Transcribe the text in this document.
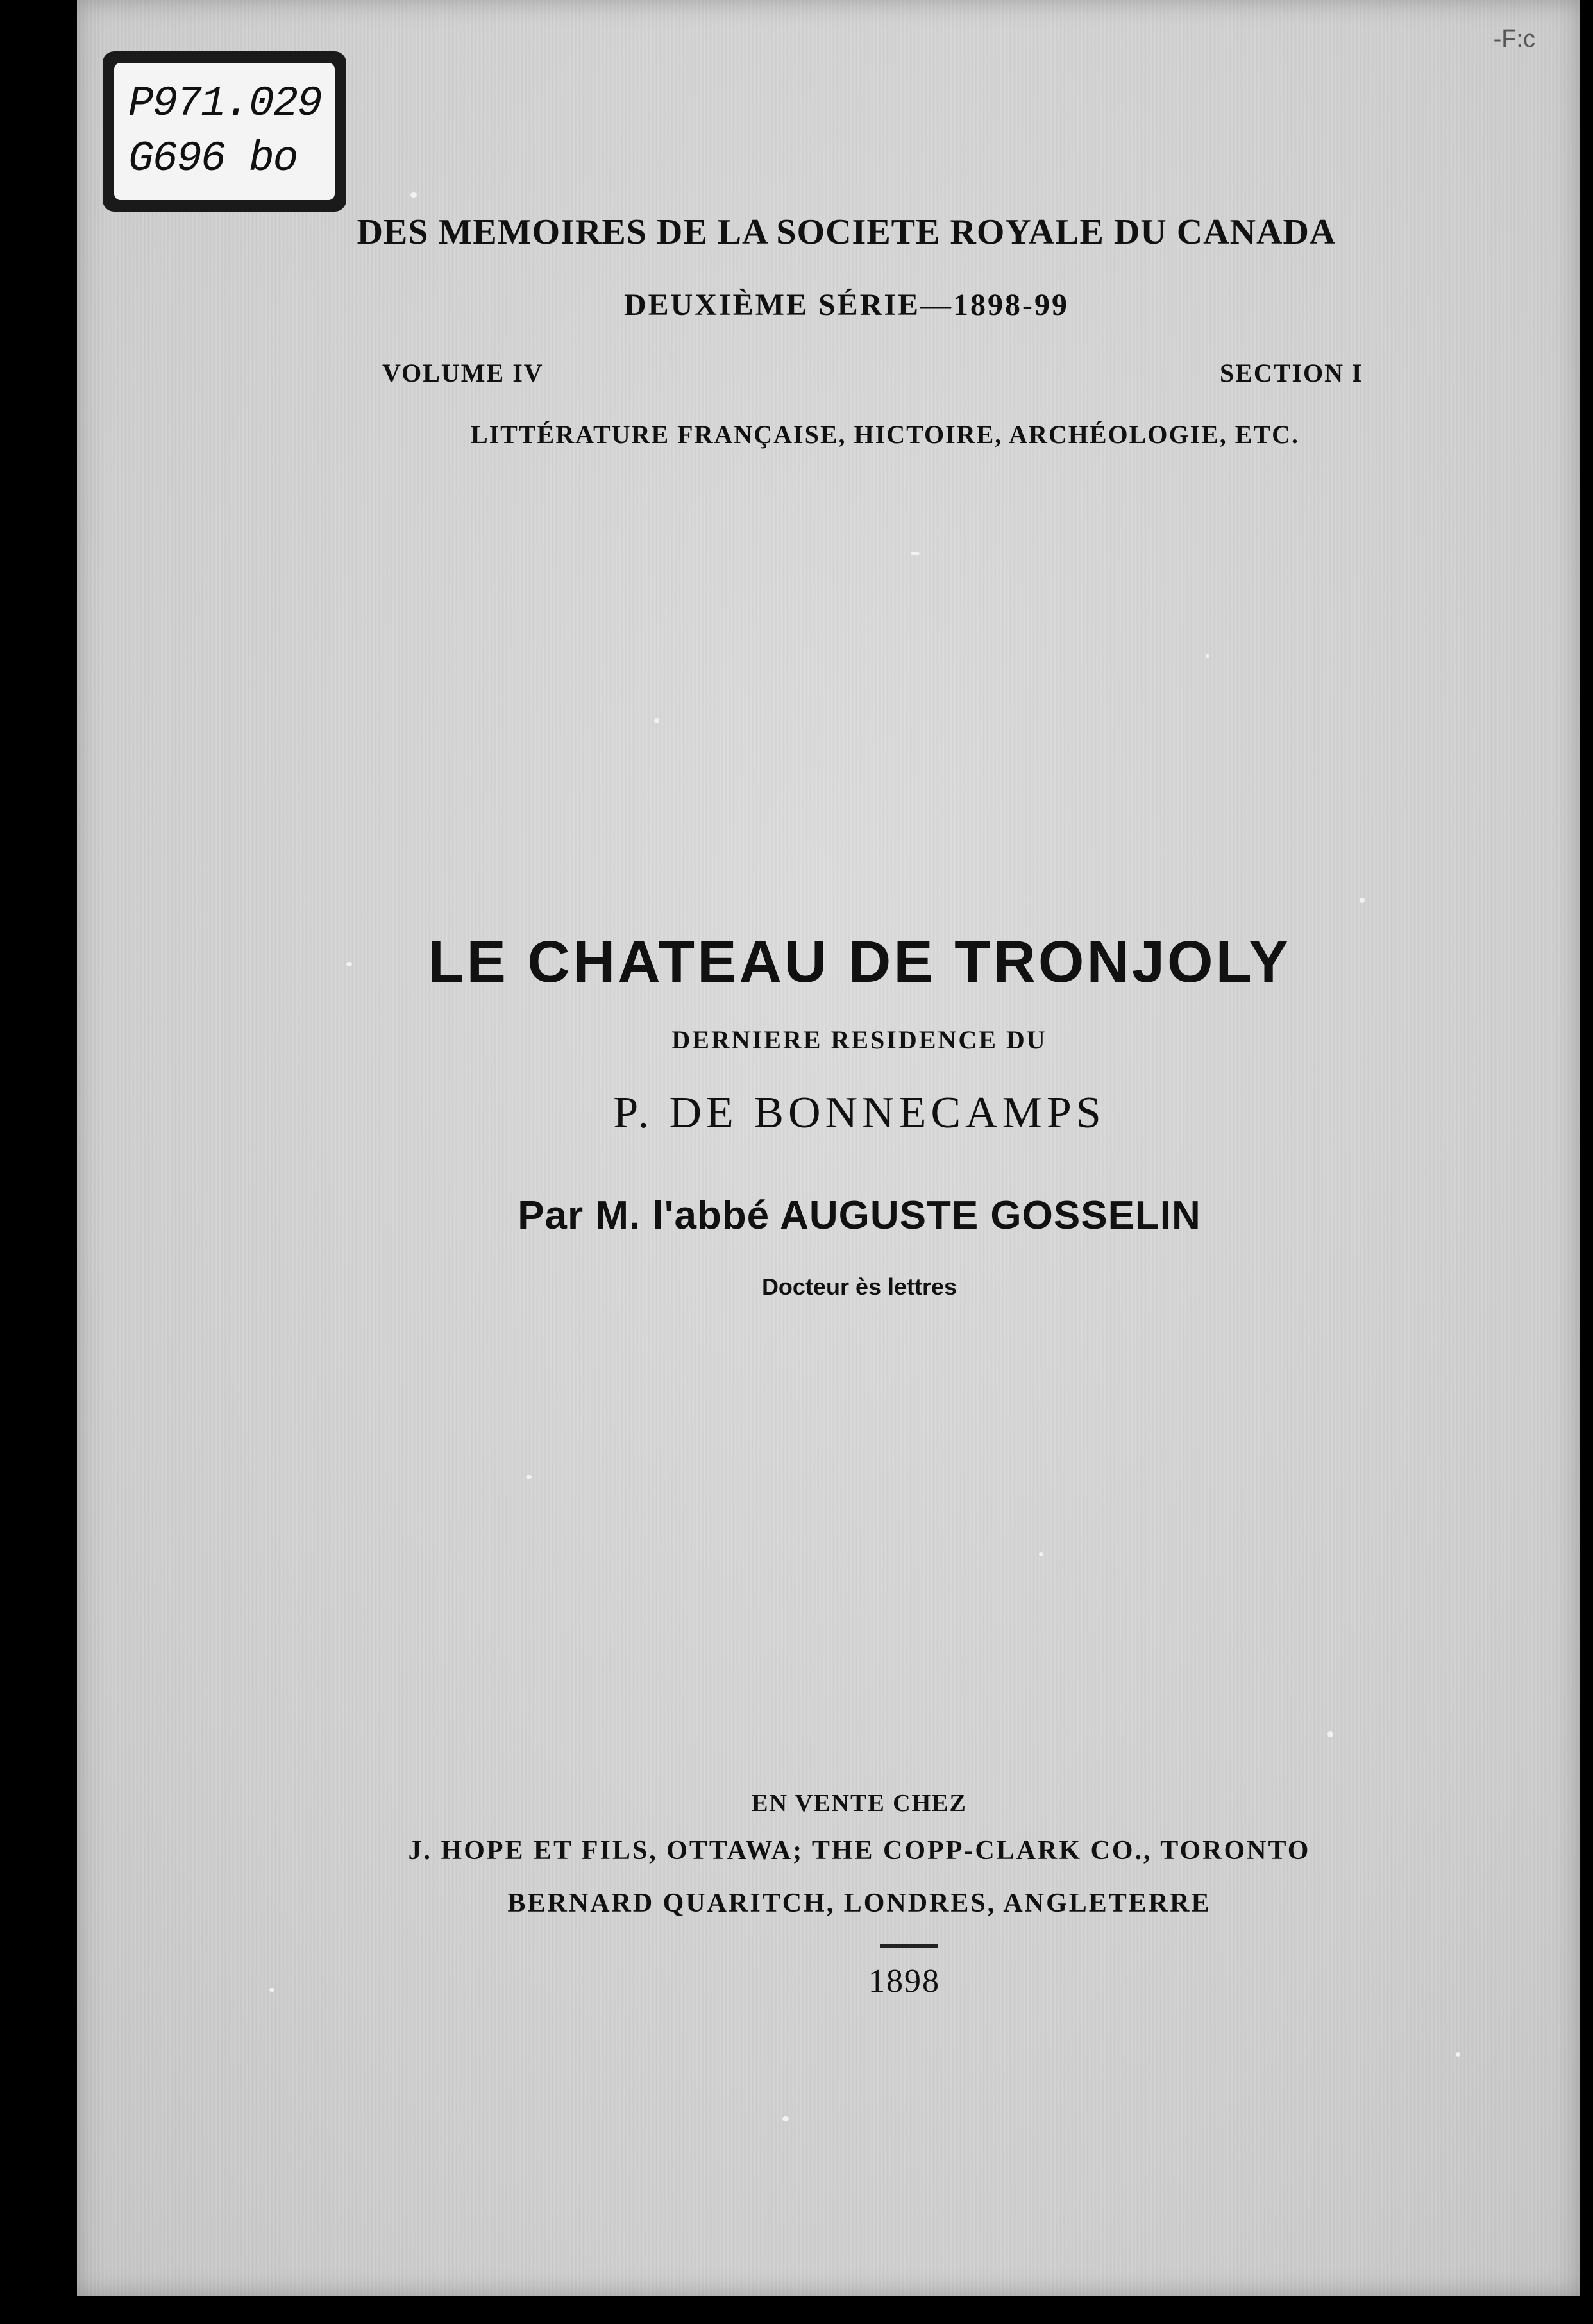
-F:c
P971.029
G696 bo
DES MEMOIRES DE LA SOCIETE ROYALE DU CANADA
DEUXIÈME SÉRIE—1898-99
VOLUME IV	SECTION I
LITTÉRATURE FRANÇAISE, HICTOIRE, ARCHÉOLOGIE, ETC.
LE CHATEAU DE TRONJOLY
DERNIERE RESIDENCE DU
P. DE BONNECAMPS
Par M. l'abbé AUGUSTE GOSSELIN
Docteur ès lettres
EN VENTE CHEZ
J. HOPE ET FILS, OTTAWA; THE COPP-CLARK CO., TORONTO
BERNARD QUARITCH, LONDRES, ANGLETERRE
1898
